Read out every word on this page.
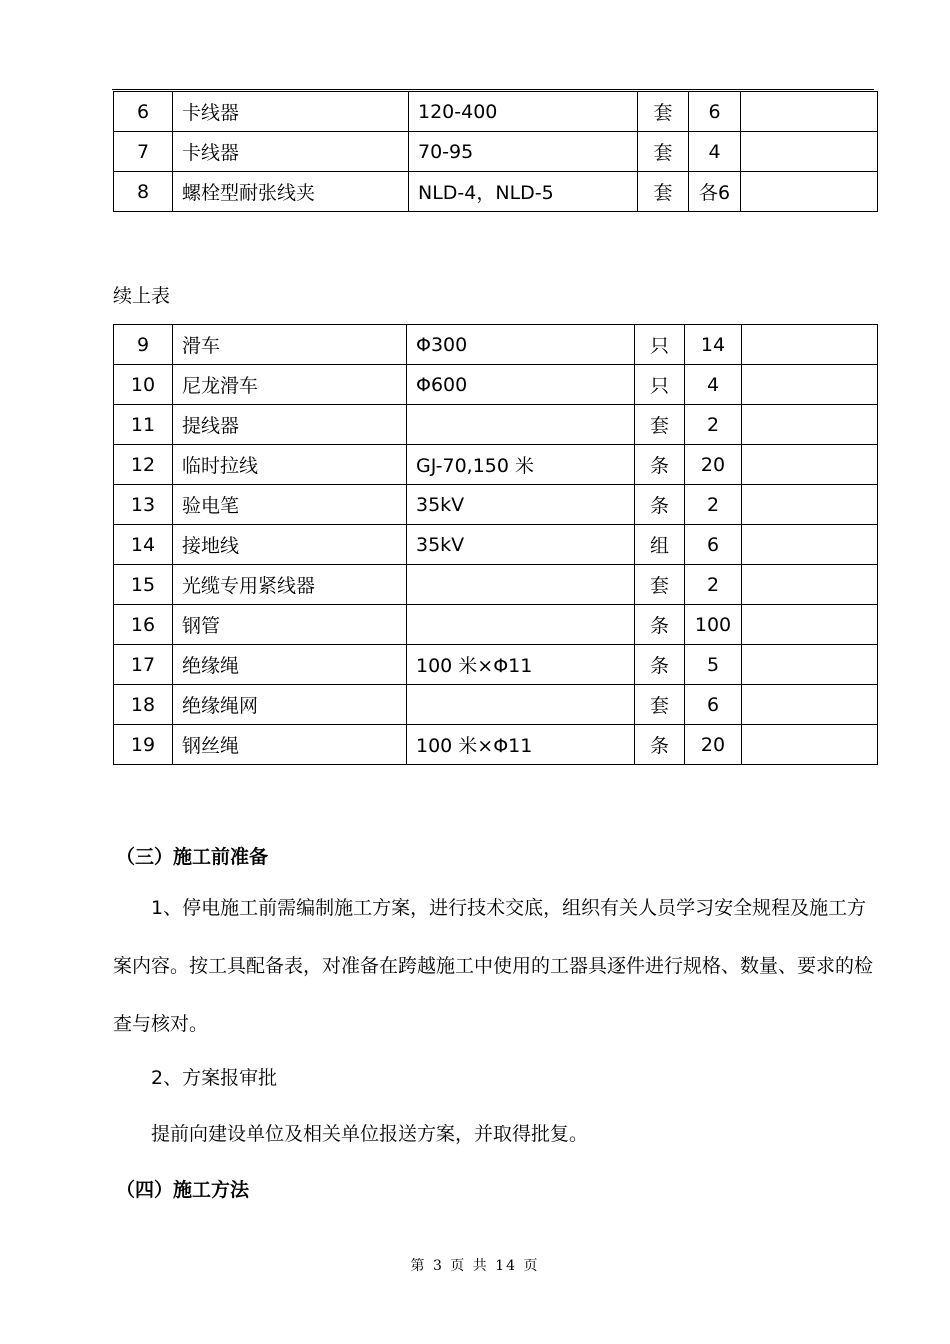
6	卡线器	120-400	套	6	
7	卡线器	70-95	套	4	
8	螺栓型耐张线夹	NLD-4，NLD-5	套	各6	
续上表
9	滑车	Φ300	只	14	
10	尼龙滑车	Φ600	只	4	
11	提线器		套	2	
12	临时拉线	GJ-70,150 米	条	20	
13	验电笔	35kV	条	2	
14	接地线	35kV	组	6	
15	光缆专用紧线器		套	2	
16	钢管		条	100	
17	绝缘绳	100 米×Φ11	条	5	
18	绝缘绳网		套	6	
19	钢丝绳	100 米×Φ11	条	20	
（三）施工前准备

1、停电施工前需编制施工方案，进行技术交底，组织有关人员学习安全规程及施工方案内容。按工具配备表，对准备在跨越施工中使用的工器具逐件进行规格、数量、要求的检查与核对。

2、方案报审批
提前向建设单位及相关单位报送方案，并取得批复。
（四）施工方法
第 3 页 共 14 页
